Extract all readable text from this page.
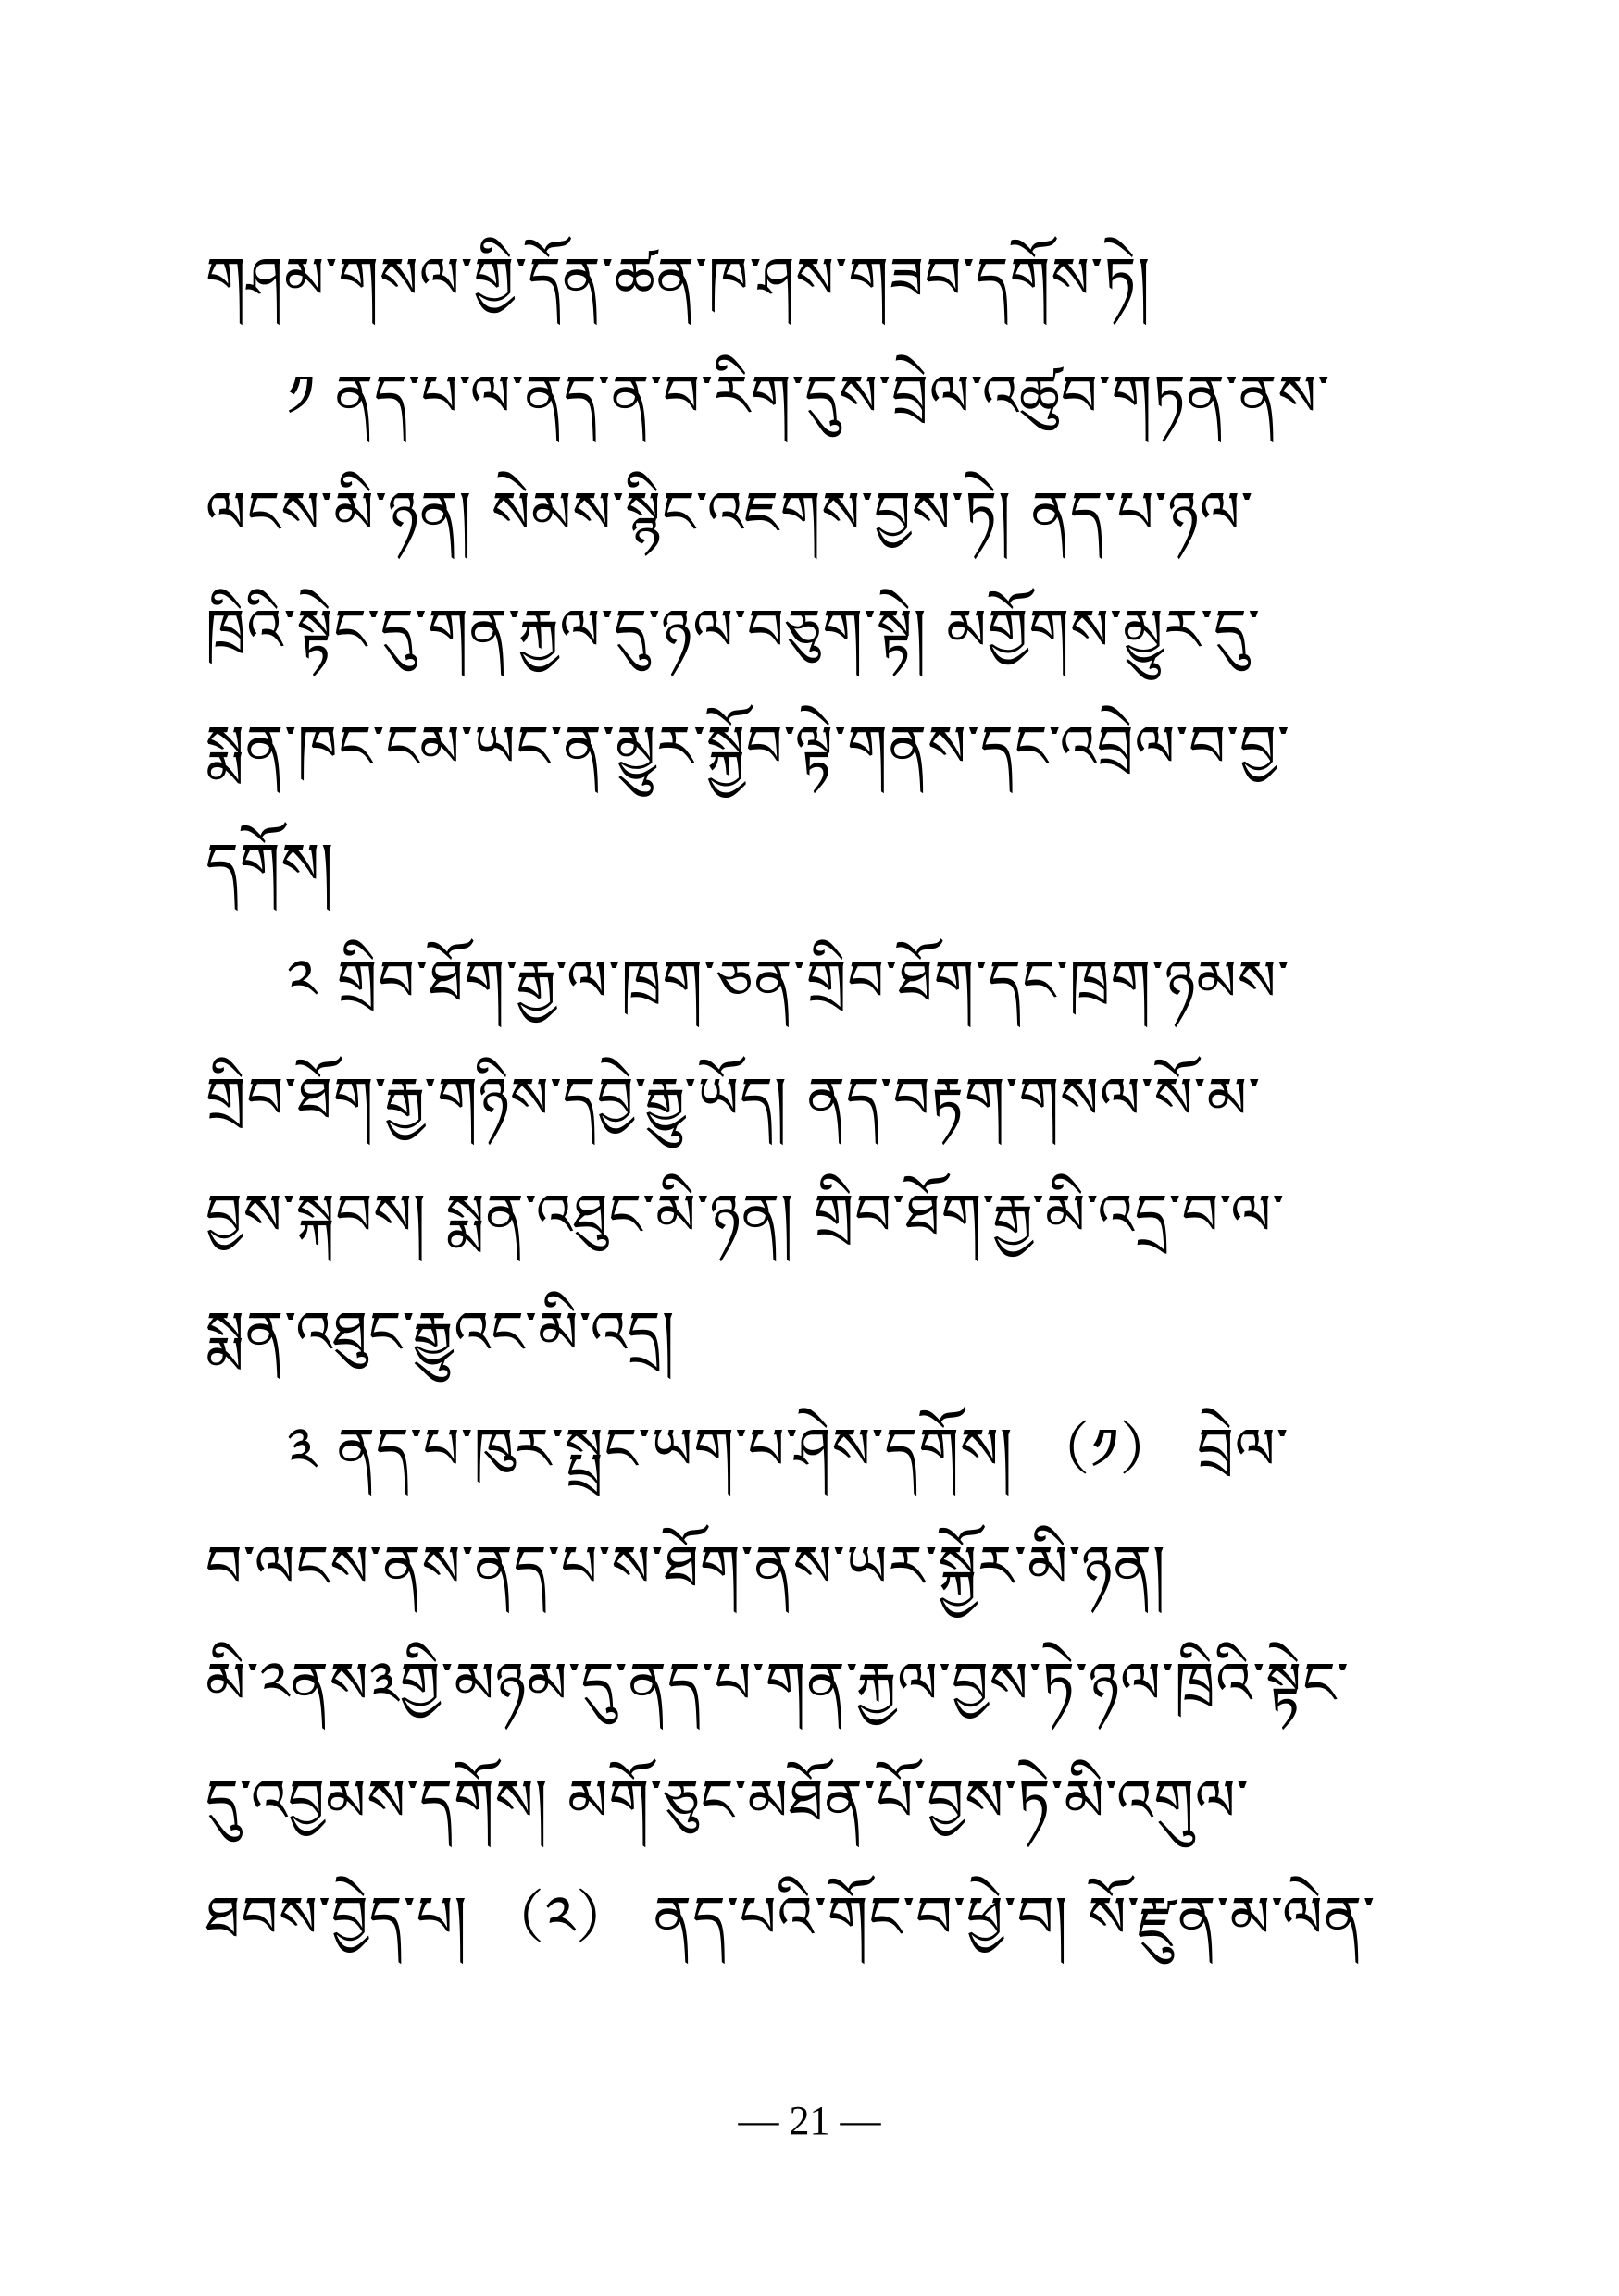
གཤམ་གསལ་གྱི་དོན་ཚན་ཁ་ཤས་གཟབ་དགོས་ཏེ།
༡ ནད་པ་ལ་ནད་ན་བ་རིག་དུས་བྲེལ་འཚུབ་གཏན་ནས་
ལངས་མི་ཉན། སེམས་སྙིང་འཇགས་བྱས་ཏེ། ནད་པ་ཉལ་
ཁྲིའི་སྟེང་དུ་གན་རྐྱལ་དུ་ཉལ་བཅུག་སྟེ། མགྱོགས་མྱུར་དུ་
སྨན་ཁང་ངམ་ཡང་ན་མྱུར་སྐྱོབ་ལྟེ་གནས་དང་འབྲེལ་བ་བྱ་
དགོས།
༢ གྲིབ་ཐོག་རྒྱ་ལ་ཁྲག་ཅན་གྲིབ་ཐོག་དང་ཁྲག་ཉམས་
གྲིབ་ཐོག་རྒྱ་གཉིས་དབྱེ་རྒྱུ་ཡོད། ནད་བརྟག་གསལ་སོ་མ་
བྱས་སྐབས། སྨན་འཐུང་མི་ཉན། གྲིབ་ཐོག་རྒྱ་མི་འདྲ་བ་ལ་
སྨན་འཐུང་རྒྱུའང་མི་འདྲ།
༣ ནད་པ་ཁུར་སྤྲང་ཡག་པ་ཤེས་དགོས། （༡） བྲེལ་
བ་ལངས་ནས་ནད་པ་ས་ཐོག་ནས་ཡར་སྐྱོར་མི་ཉན།
མི་༢ནས༣གྱི་མཉམ་དུ་ནད་པ་གན་རྐྱལ་བྱས་ཏེ་ཉལ་ཁྲིའི་སྟེང་
དུ་འབྱམས་དགོས། མགོ་ཅུང་མཐོན་པོ་བྱས་ཏེ་མི་འགུལ་
ཐབས་བྱེད་པ། （༢） ནད་པའི་གོང་བ་ཕྱེ་བ། སོ་རྫུན་མ་ལེན་
— 21 —
